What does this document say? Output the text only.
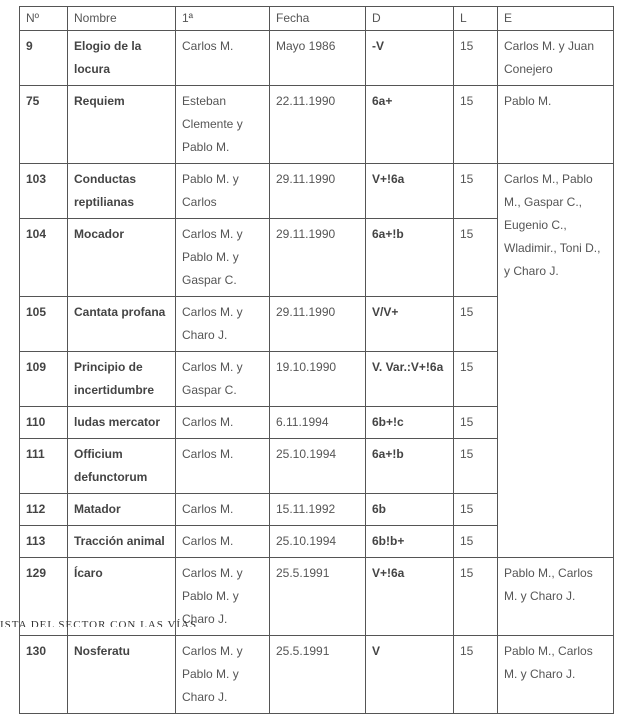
Nº	Nombre	1ª	Fecha	D	L	E
9	Elogio de la locura	Carlos M.	Mayo 1986	-V	15	Carlos M. y Juan Conejero
75	Requiem	Esteban Clemente y Pablo M.	22.11.1990	6a+	15	Pablo M.
103	Conductas reptilianas	Pablo M. y Carlos	29.11.1990	V+!6a	15	Carlos M., Pablo M., Gaspar C., Eugenio C., Wladimir., Toni D., y Charo J.
104	Mocador	Carlos M. y Pablo M. y Gaspar C.	29.11.1990	6a+!b	15	
105	Cantata profana	Carlos M. y Charo J.	29.11.1990	V/V+	15	
109	Principio de incertidumbre	Carlos M. y Gaspar C.	19.10.1990	V. Var.:V+!6a	15	
110	ludas mercator	Carlos M.	6.11.1994	6b+!c	15	
111	Officium defunctorum	Carlos M.	25.10.1994	6a+!b	15	
112	Matador	Carlos M.	15.11.1992	6b	15	
113	Tracción animal	Carlos M.	25.10.1994	6b!b+	15	
129	Ícaro	Carlos M. y Pablo M. y Charo J.	25.5.1991	V+!6a	15	Pablo M., Carlos M. y Charo J.
130	Nosferatu	Carlos M. y Pablo M. y Charo J.	25.5.1991	V	15	Pablo M., Carlos M. y Charo J.
ISTA DEL SECTOR CON LAS VÍAS
